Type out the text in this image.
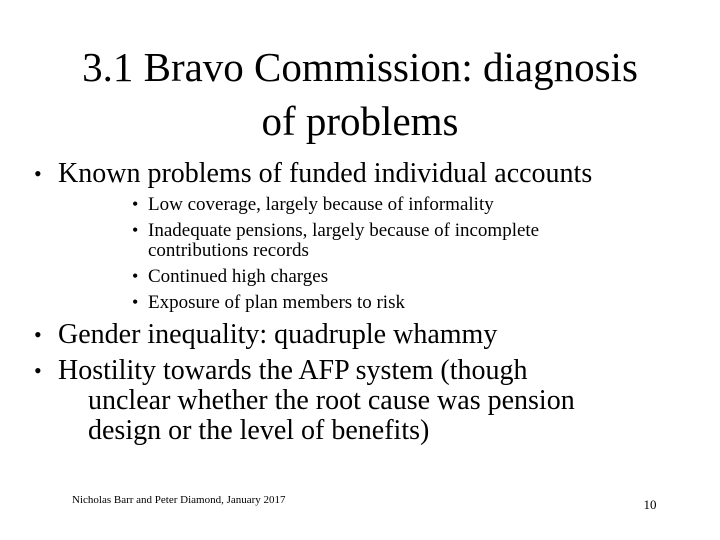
3.1 Bravo Commission: diagnosis
of problems
• Known problems of funded individual accounts
• Low coverage, largely because of informality
• Inadequate pensions, largely because of incomplete
contributions records
• Continued high charges
• Exposure of plan members to risk
• Gender inequality: quadruple whammy
• Hostility towards the AFP system (though
unclear whether the root cause was pension
design or the level of benefits)
Nicholas Barr and Peter Diamond, January 2017	10
